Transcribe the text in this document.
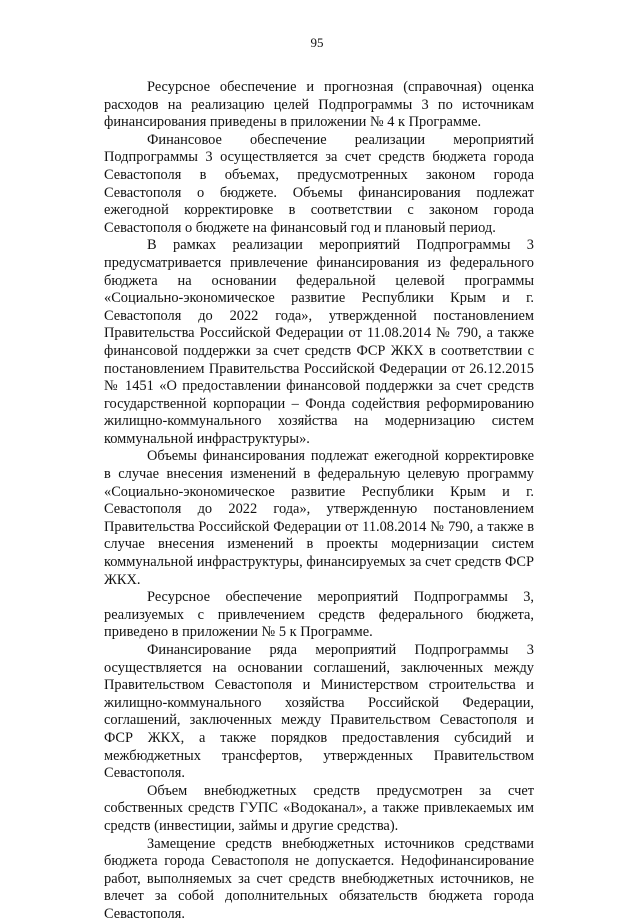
95

Ресурсное обеспечение и прогнозная (справочная) оценка расходов на реализацию целей Подпрограммы 3 по источникам финансирования приведены в приложении № 4 к Программе.

Финансовое обеспечение реализации мероприятий Подпрограммы 3 осуществляется за счет средств бюджета города Севастополя в объемах, предусмотренных законом города Севастополя о бюджете. Объемы финансирования подлежат ежегодной корректировке в соответствии с законом города Севастополя о бюджете на финансовый год и плановый период.

В рамках реализации мероприятий Подпрограммы 3 предусматривается привлечение финансирования из федерального бюджета на основании федеральной целевой программы «Социально-экономическое развитие Республики Крым и г. Севастополя до 2022 года», утвержденной постановлением Правительства Российской Федерации от 11.08.2014 № 790, а также финансовой поддержки за счет средств ФСР ЖКХ в соответствии с постановлением Правительства Российской Федерации от 26.12.2015 № 1451 «О предоставлении финансовой поддержки за счет средств государственной корпорации – Фонда содействия реформированию жилищно-коммунального хозяйства на модернизацию систем коммунальной инфраструктуры».

Объемы финансирования подлежат ежегодной корректировке в случае внесения изменений в федеральную целевую программу «Социально-экономическое развитие Республики Крым и г. Севастополя до 2022 года», утвержденную постановлением Правительства Российской Федерации от 11.08.2014 № 790, а также в случае внесения изменений в проекты модернизации систем коммунальной инфраструктуры, финансируемых за счет средств ФСР ЖКХ.

Ресурсное обеспечение мероприятий Подпрограммы 3, реализуемых с привлечением средств федерального бюджета, приведено в приложении № 5 к Программе.

Финансирование ряда мероприятий Подпрограммы 3 осуществляется на основании соглашений, заключенных между Правительством Севастополя и Министерством строительства и жилищно-коммунального хозяйства Российской Федерации, соглашений, заключенных между Правительством Севастополя и ФСР ЖКХ, а также порядков предоставления субсидий и межбюджетных трансфертов, утвержденных Правительством Севастополя.

Объем внебюджетных средств предусмотрен за счет собственных средств ГУПС «Водоканал», а также привлекаемых им средств (инвестиции, займы и другие средства).

Замещение средств внебюджетных источников средствами бюджета города Севастополя не допускается. Недофинансирование работ, выполняемых за счет средств внебюджетных источников, не влечет за собой дополнительных обязательств бюджета города Севастополя.
